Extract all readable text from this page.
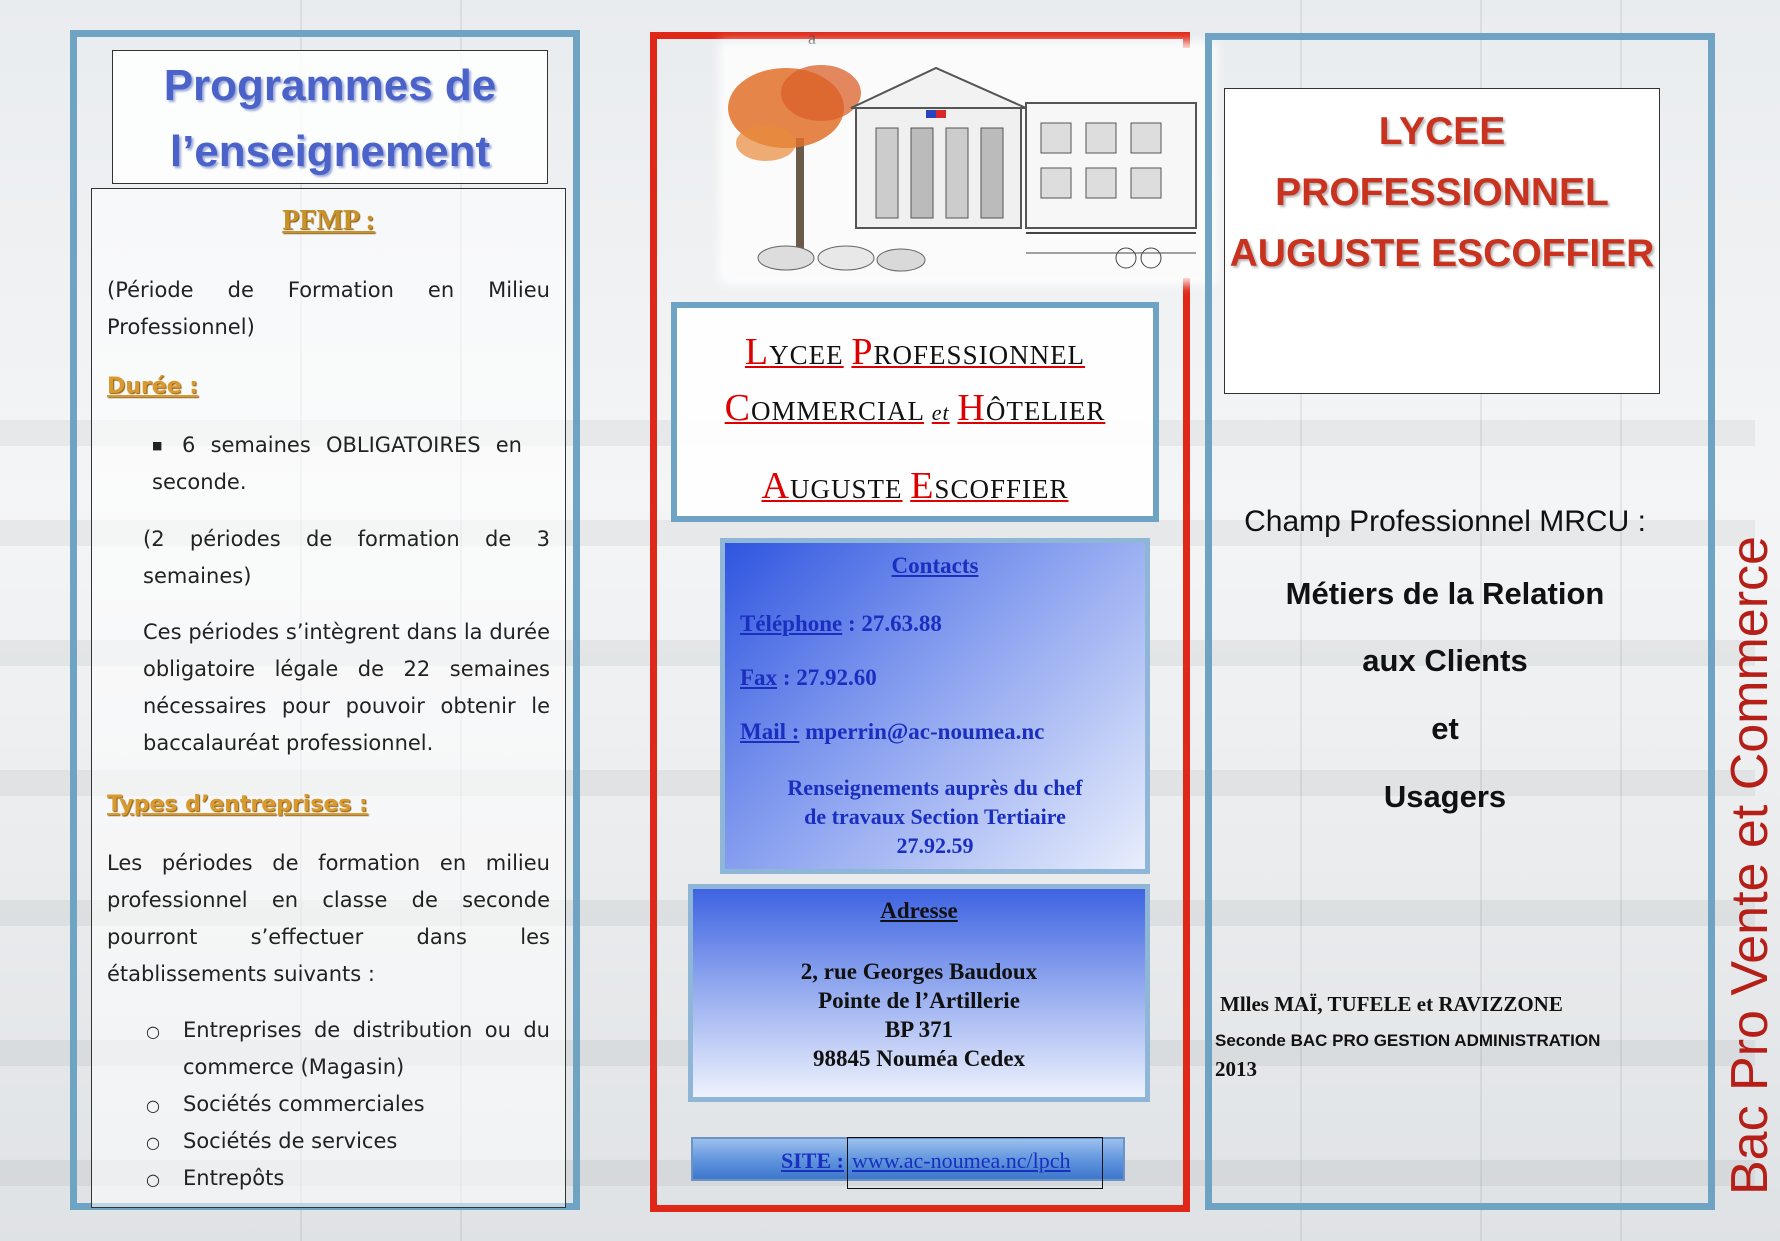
Programmes de
l’enseignement
PFMP :
(Période de Formation en Milieu Professionnel)
Durée :
■ 6 semaines OBLIGATOIRES en seconde.
(2 périodes de formation de 3 semaines)
Ces périodes s’intègrent dans la durée obligatoire légale de 22 semaines nécessaires pour pouvoir obtenir le baccalauréat professionnel.
Types d’entreprises :
Les périodes de formation en milieu professionnel en classe de seconde pourront s’effectuer dans les établissements suivants :
○ Entreprises de distribution ou du commerce (Magasin)
○ Sociétés commerciales
○ Sociétés de services
○ Entrepôts
a
LYCEE PROFESSIONNEL
COMMERCIAL et HÔTELIER
AUGUSTE ESCOFFIER
Contacts
Téléphone : 27.63.88
Fax : 27.92.60
Mail : mperrin@ac-noumea.nc
Renseignements auprès du chef
de travaux Section Tertiaire
27.92.59
Adresse
2, rue Georges Baudoux
Pointe de l’Artillerie
BP 371
98845 Nouméa Cedex
SITE : www.ac-noumea.nc/lpch
LYCEE
PROFESSIONNEL
AUGUSTE ESCOFFIER
Champ Professionnel MRCU :
Métiers de la Relation
aux Clients
et
Usagers
Mlles MAÏ, TUFELE et RAVIZZONE
Seconde BAC PRO GESTION ADMINISTRATION
2013	Bac Pro Vente et Commerce
